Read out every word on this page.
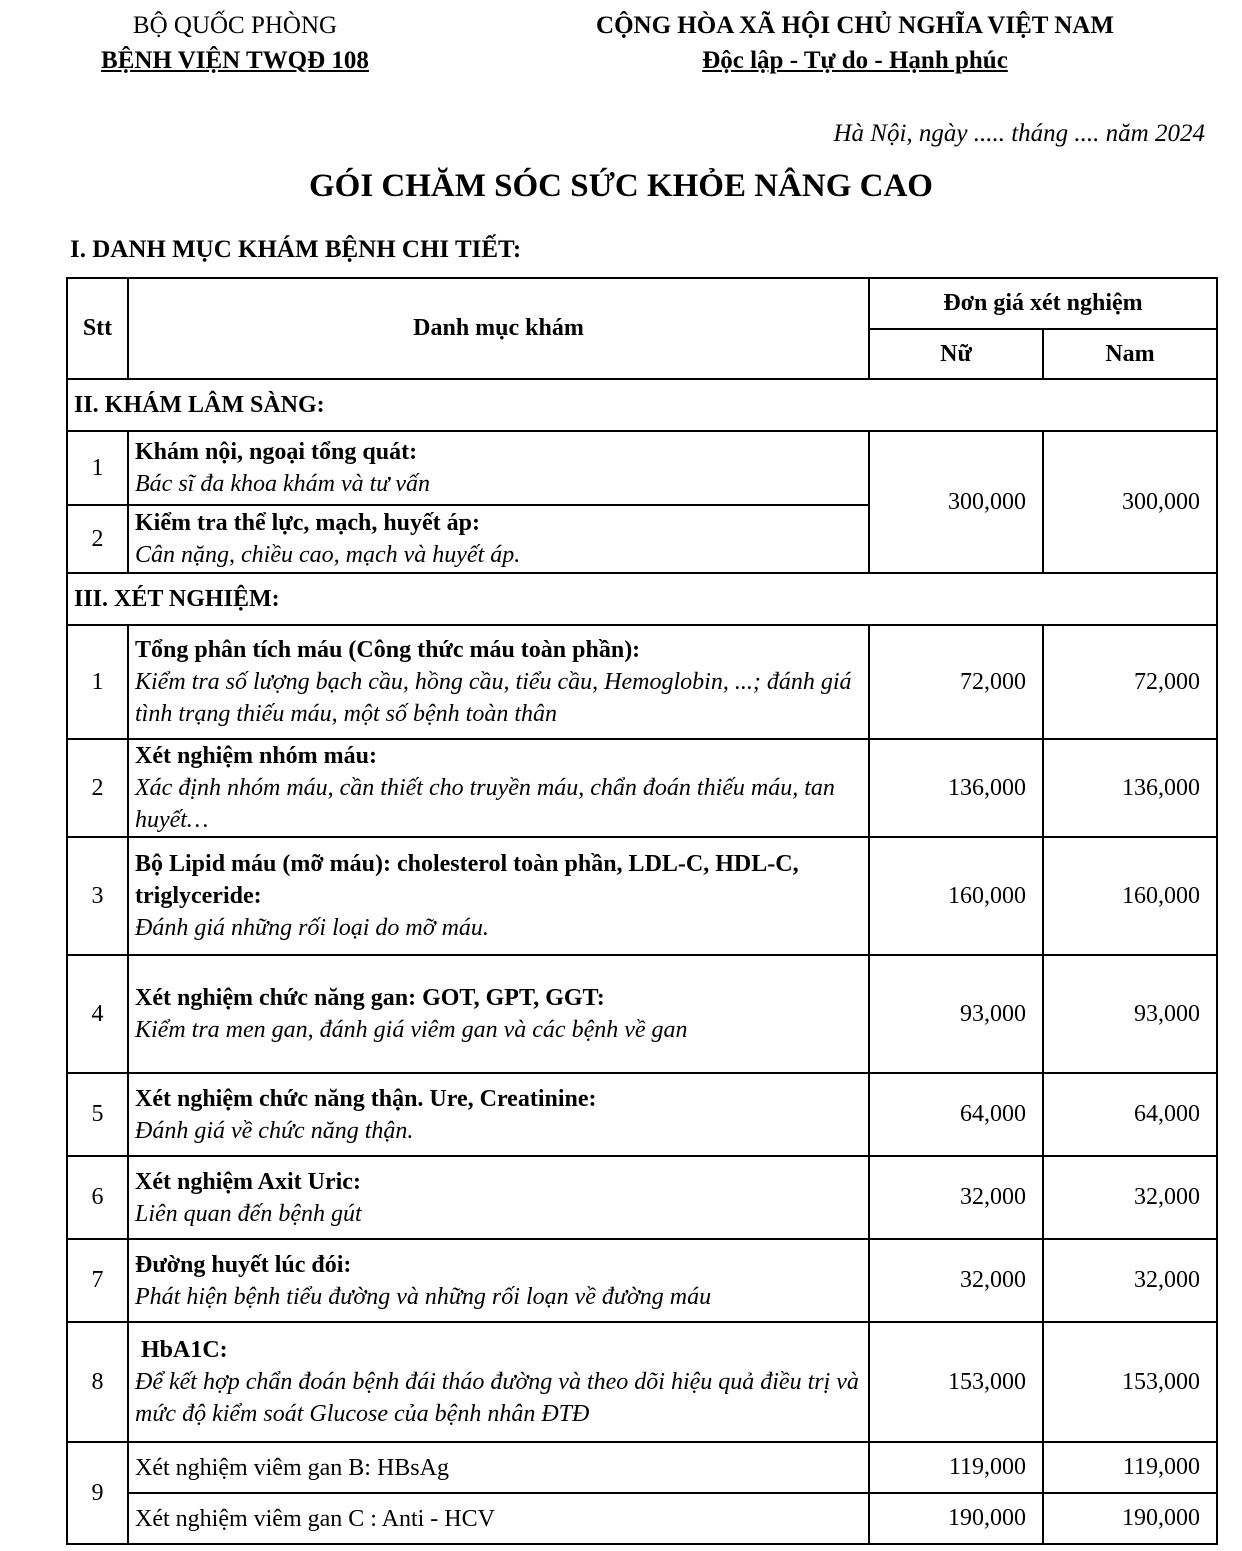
BỘ QUỐC PHÒNG
BỆNH VIỆN TWQĐ 108
CỘNG HÒA XÃ HỘI CHỦ NGHĨA VIỆT NAM
Độc lập - Tự do - Hạnh phúc
Hà Nội, ngày ..... tháng .... năm 2024
GÓI CHĂM SÓC SỨC KHỎE NÂNG CAO
I. DANH MỤC KHÁM BỆNH CHI TIẾT:
Stt	Danh mục khám	Đơn giá xét nghiệm	
		Nữ	Nam
II. KHÁM LÂM SÀNG:			
1	Khám nội, ngoại tổng quát:
Bác sĩ đa khoa khám và tư vấn	300,000	300,000
2	Kiểm tra thể lực, mạch, huyết áp:
Cân nặng, chiều cao, mạch và huyết áp.		

III. XÉT NGHIỆM:			
1	Tổng phân tích máu (Công thức máu toàn phần):
Kiểm tra số lượng bạch cầu, hồng cầu, tiểu cầu, Hemoglobin, ...; đánh giá tình trạng thiếu máu, một số bệnh toàn thân	72,000	72,000
2	Xét nghiệm nhóm máu:
Xác định nhóm máu, cần thiết cho truyền máu, chẩn đoán thiếu máu, tan huyết…	136,000	136,000
3	Bộ Lipid máu (mỡ máu): cholesterol toàn phần, LDL-C, HDL-C, triglyceride:
Đánh giá những rối loại do mỡ máu.	160,000	160,000
4	Xét nghiệm chức năng gan: GOT, GPT, GGT:
Kiểm tra men gan, đánh giá viêm gan và các bệnh về gan	93,000	93,000
5	Xét nghiệm chức năng thận. Ure, Creatinine:
Đánh giá về chức năng thận.	64,000	64,000
6	Xét nghiệm Axit Uric:
Liên quan đến bệnh gút	32,000	32,000
7	Đường huyết lúc đói:
Phát hiện bệnh tiểu đường và những rối loạn về đường máu	32,000	32,000
8	HbA1C:
Để kết hợp chẩn đoán bệnh đái tháo đường và theo dõi hiệu quả điều trị và mức độ kiểm soát Glucose của bệnh nhân ĐTĐ	153,000	153,000
9	Xét nghiệm viêm gan B: HBsAg	119,000	119,000
	Xét nghiệm viêm gan C : Anti - HCV	190,000	190,000
